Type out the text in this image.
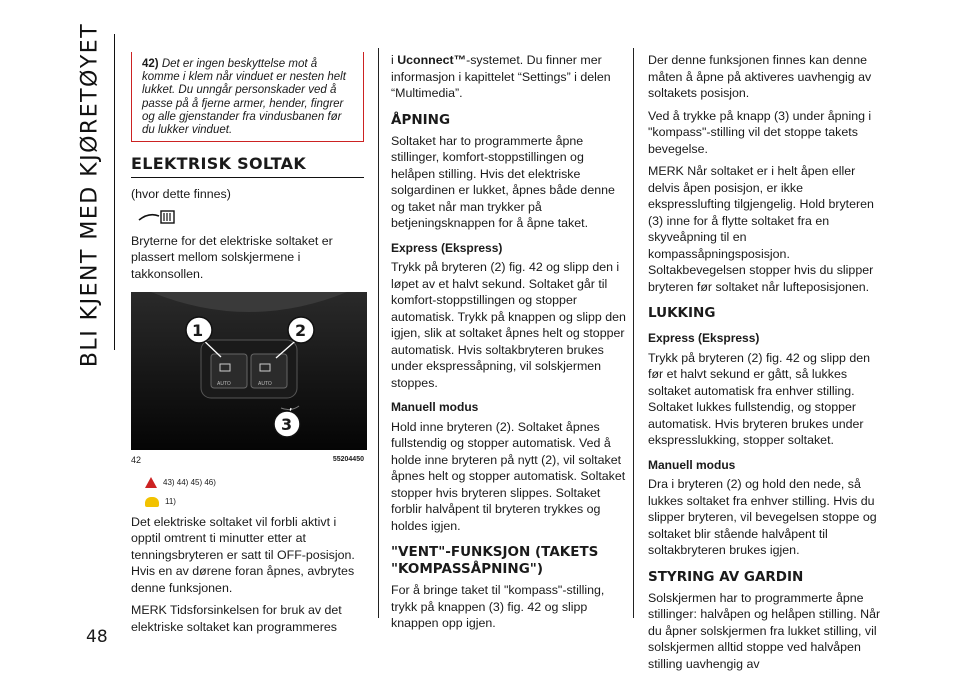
BLI KJENT MED KJØRETØYET
48
42) Det er ingen beskyttelse mot å komme i klem når vinduet er nesten helt lukket. Du unngår personskader ved å passe på å fjerne armer, hender, fingrer og alle gjenstander fra vindusbanen før du lukker vinduet.
ELEKTRISK SOLTAK

(hvor dette finnes)

Bryterne for det elektriske soltaket er plassert mellom solskjermene i takkonsollen.

1	2
3
AUTO	AUTO
42	55204450
43) 44) 45) 46)
11)

Det elektriske soltaket vil forbli aktivt i opptil omtrent ti minutter etter at tenningsbryteren er satt til OFF-posisjon. Hvis en av dørene foran åpnes, avbrytes denne funksjonen.

MERK Tidsforsinkelsen for bruk av det elektriske soltaket kan programmeres

i Uconnect™-systemet. Du finner mer informasjon i kapittelet “Settings” i delen “Multimedia”.

ÅPNING

Soltaket har to programmerte åpne stillinger, komfort-stoppstillingen og helåpen stilling. Hvis det elektriske solgardinen er lukket, åpnes både denne og taket når man trykker på betjeningsknappen for å åpne taket.

Express (Ekspress)

Trykk på bryteren (2) fig. 42 og slipp den i løpet av et halvt sekund. Soltaket går til komfort-stoppstillingen og stopper automatisk. Trykk på knappen og slipp den igjen, slik at soltaket åpnes helt og stopper automatisk. Hvis soltakbryteren brukes under ekspressåpning, vil solskjermen stoppes.

Manuell modus

Hold inne bryteren (2). Soltaket åpnes fullstendig og stopper automatisk. Ved å holde inne bryteren på nytt (2), vil soltaket åpnes helt og stopper automatisk. Soltaket stopper hvis bryteren slippes. Soltaket forblir halvåpent til bryteren trykkes og holdes igjen.

"VENT"-FUNKSJON (TAKETS "KOMPASSÅPNING")

For å bringe taket til "kompass"-stilling, trykk på knappen (3) fig. 42 og slipp knappen opp igjen.

Der denne funksjonen finnes kan denne måten å åpne på aktiveres uavhengig av soltakets posisjon.

Ved å trykke på knapp (3) under åpning i "kompass"-stilling vil det stoppe takets bevegelse.

MERK Når soltaket er i helt åpen eller delvis åpen posisjon, er ikke ekspresslufting tilgjengelig. Hold bryteren (3) inne for å flytte soltaket fra en skyveåpning til en kompassåpningsposisjon. Soltakbevegelsen stopper hvis du slipper bryteren før soltaket når lufteposisjonen.

LUKKING
Express (Ekspress)

Trykk på bryteren (2) fig. 42 og slipp den før et halvt sekund er gått, så lukkes soltaket automatisk fra enhver stilling. Soltaket lukkes fullstendig, og stopper automatisk. Hvis bryteren brukes under ekspresslukking, stopper soltaket.

Manuell modus

Dra i bryteren (2) og hold den nede, så lukkes soltaket fra enhver stilling. Hvis du slipper bryteren, vil bevegelsen stoppe og soltaket blir stående halvåpent til soltakbryteren brukes igjen.

STYRING AV GARDIN

Solskjermen har to programmerte åpne stillinger: halvåpen og helåpen stilling. Når du åpner solskjermen fra lukket stilling, vil solskjermen alltid stoppe ved halvåpen stilling uavhengig av
